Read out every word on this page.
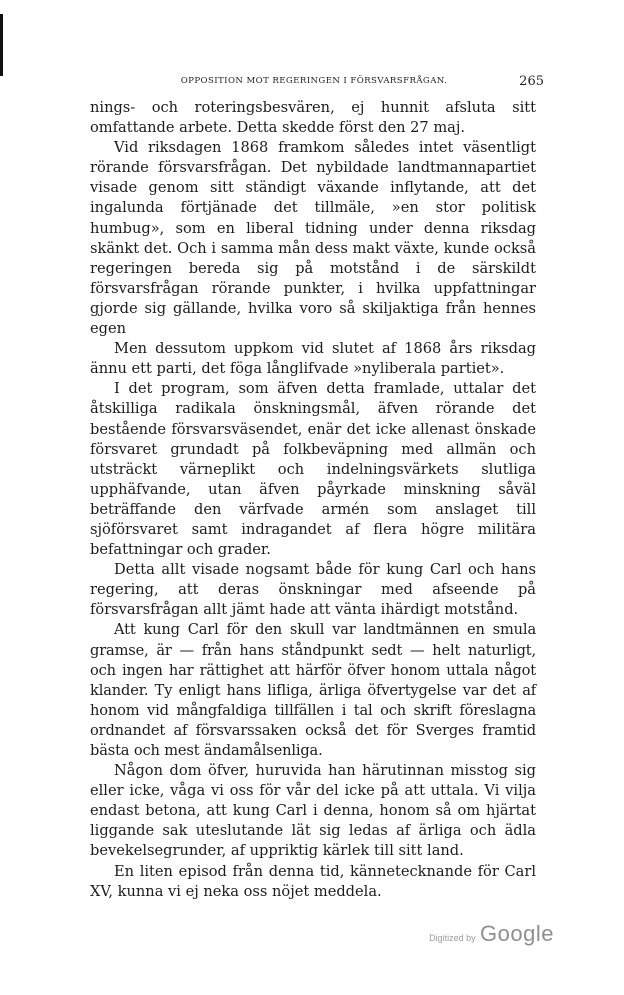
OPPOSITION MOT REGERINGEN I FÖRSVARSFRÅGAN.	265

nings- och roteringsbesvären, ej hunnit afsluta sitt omfattande arbete. Detta skedde först den 27 maj.

Vid riksdagen 1868 framkom således intet väsentligt rörande försvarsfrågan. Det nybildade landtmannapartiet visade genom sitt ständigt växande inflytande, att det ingalunda förtjänade det tillmäle, »en stor politisk humbug», som en liberal tidning under denna riksdag skänkt det. Och i samma mån dess makt växte, kunde också regeringen bereda sig på motstånd i de särskildt försvarsfrågan rörande punkter, i hvilka uppfattningar gjorde sig gällande, hvilka voro så skiljaktiga från hennes egen

Men dessutom uppkom vid slutet af 1868 års riksdag ännu ett parti, det föga långlifvade »nyliberala partiet».

I det program, som äfven detta framlade, uttalar det åtskilliga radikala önskningsmål, äfven rörande det bestående försvarsväsendet, enär det icke allenast önskade försvaret grundadt på folkbeväpning med allmän och utsträckt värneplikt och indelningsvärkets slutliga upphäfvande, utan äfven påyrkade minskning såväl beträffande den värfvade armén som anslaget till sjöförsvaret samt indragandet af flera högre militära befattningar och grader.

Detta allt visade nogsamt både för kung Carl och hans regering, att deras önskningar med afseende på försvarsfrågan allt jämt hade att vänta ihärdigt motstånd.

Att kung Carl för den skull var landtmännen en smula gramse, är — från hans ståndpunkt sedt — helt naturligt, och ingen har rättighet att härför öfver honom uttala något klander. Ty enligt hans lifliga, ärliga öfvertygelse var det af honom vid mångfaldiga tillfällen i tal och skrift föreslagna ordnandet af försvarssaken också det för Sverges framtid bästa och mest ändamålsenliga.

Någon dom öfver, huruvida han härutinnan misstog sig eller icke, våga vi oss för vår del icke på att uttala. Vi vilja endast betona, att kung Carl i denna, honom så om hjärtat liggande sak uteslutande lät sig ledas af ärliga och ädla bevekelsegrunder, af uppriktig kärlek till sitt land.

En liten episod från denna tid, kännetecknande för Carl XV, kunna vi ej neka oss nöjet meddela.

Digitized by Google
